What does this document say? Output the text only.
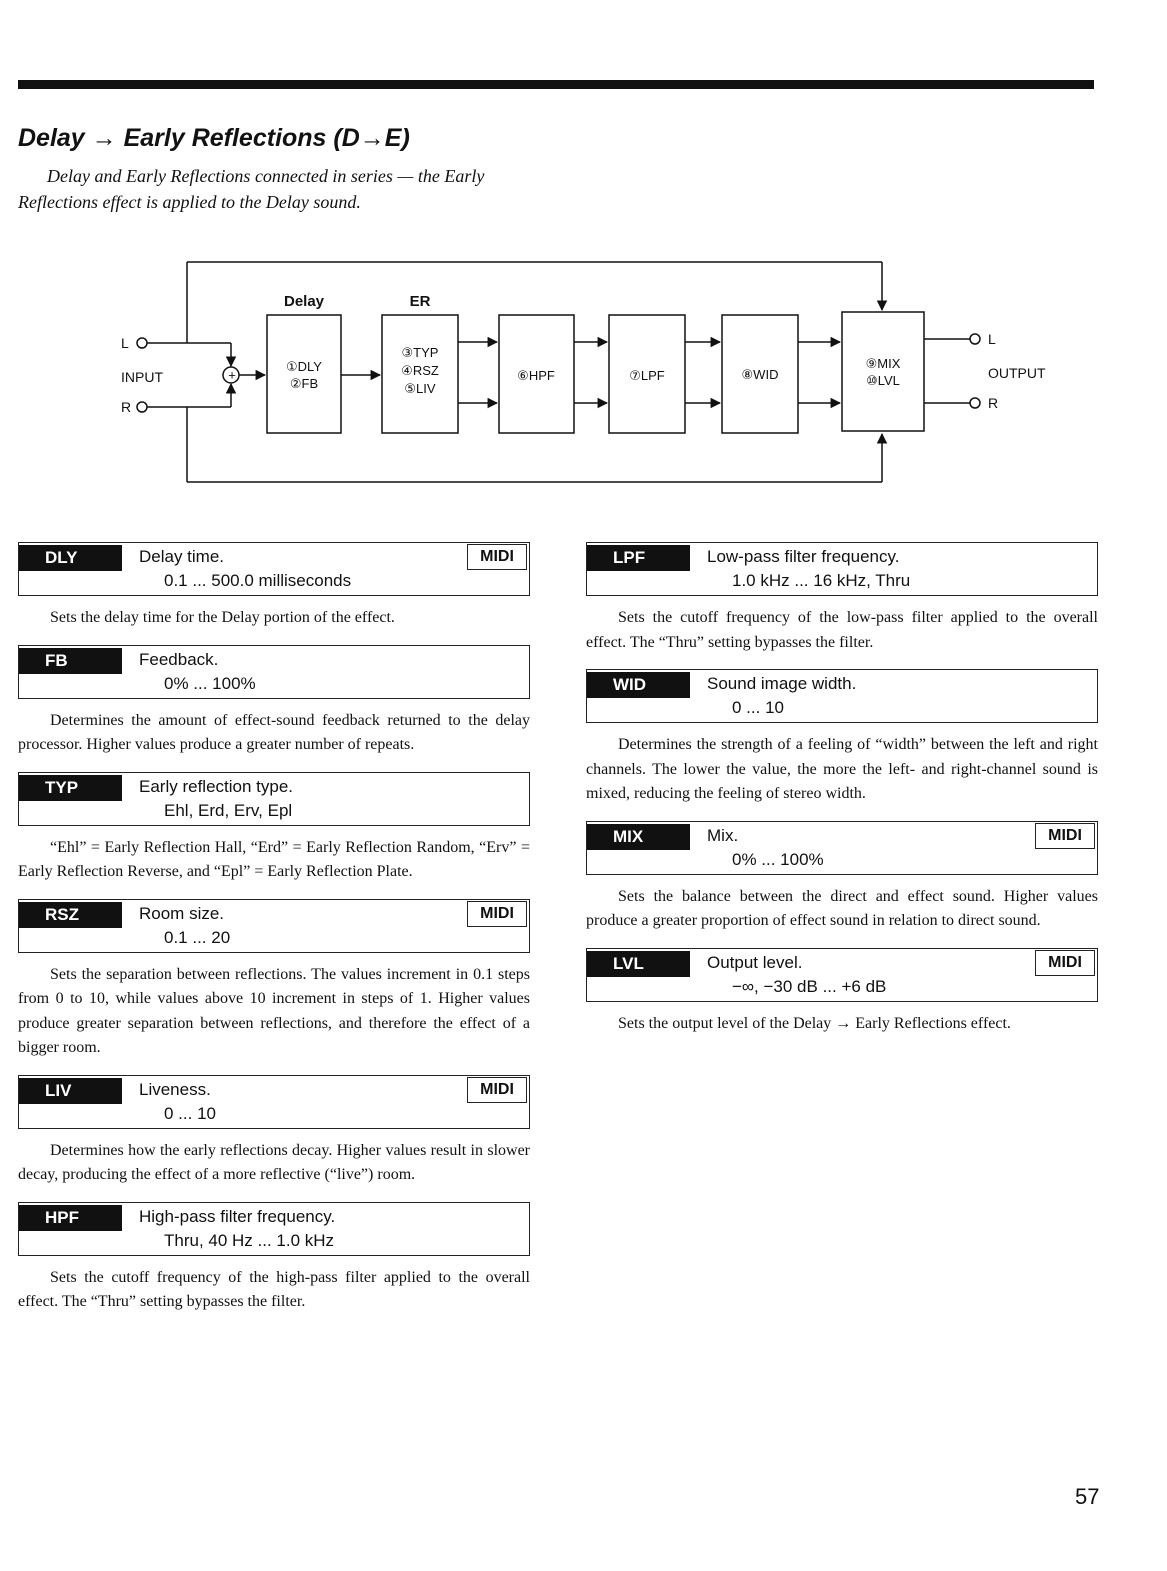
Delay → Early Reflections (D→E)

Delay and Early Reflections connected in series — the Early Reflections effect is applied to the Delay sound.

INPUT
L
R
+
Delay	ER
①DLY
②FB
③TYP
④RSZ
⑤LIV
⑥HPF	⑦LPF	⑧WID
⑨MIX
⑩LVL
L
R
OUTPUT
DLY	Delay time.
0.1 ... 500.0 milliseconds
MIDI

Sets the delay time for the Delay portion of the effect.

FB	Feedback.
0% ... 100%

Determines the amount of effect-sound feedback returned to the delay processor. Higher values produce a greater number of repeats.

TYP	Early reflection type.
Ehl, Erd, Erv, Epl

“Ehl” = Early Reflection Hall, “Erd” = Early Reflection Random, “Erv” = Early Reflection Reverse, and “Epl” = Early Reflection Plate.

RSZ	Room size.
0.1 ... 20
MIDI

Sets the separation between reflections. The values increment in 0.1 steps from 0 to 10, while values above 10 increment in steps of 1. Higher values produce greater separation between reflections, and therefore the effect of a bigger room.

LIV	Liveness.
0 ... 10
MIDI

Determines how the early reflections decay. Higher values result in slower decay, producing the effect of a more reflective (“live”) room.

HPF	High-pass filter frequency.
Thru, 40 Hz ... 1.0 kHz

Sets the cutoff frequency of the high-pass filter applied to the overall effect. The “Thru” setting bypasses the filter.

LPF	Low-pass filter frequency.
1.0 kHz ... 16 kHz, Thru

Sets the cutoff frequency of the low-pass filter applied to the overall effect. The “Thru” setting bypasses the filter.

WID	Sound image width.
0 ... 10

Determines the strength of a feeling of “width” between the left and right channels. The lower the value, the more the left- and right-channel sound is mixed, reducing the feeling of stereo width.

MIX	Mix.
0% ... 100%
MIDI

Sets the balance between the direct and effect sound. Higher values produce a greater proportion of effect sound in relation to direct sound.

LVL	Output level.
−∞, −30 dB ... +6 dB
MIDI

Sets the output level of the Delay → Early Reflections effect.

57
